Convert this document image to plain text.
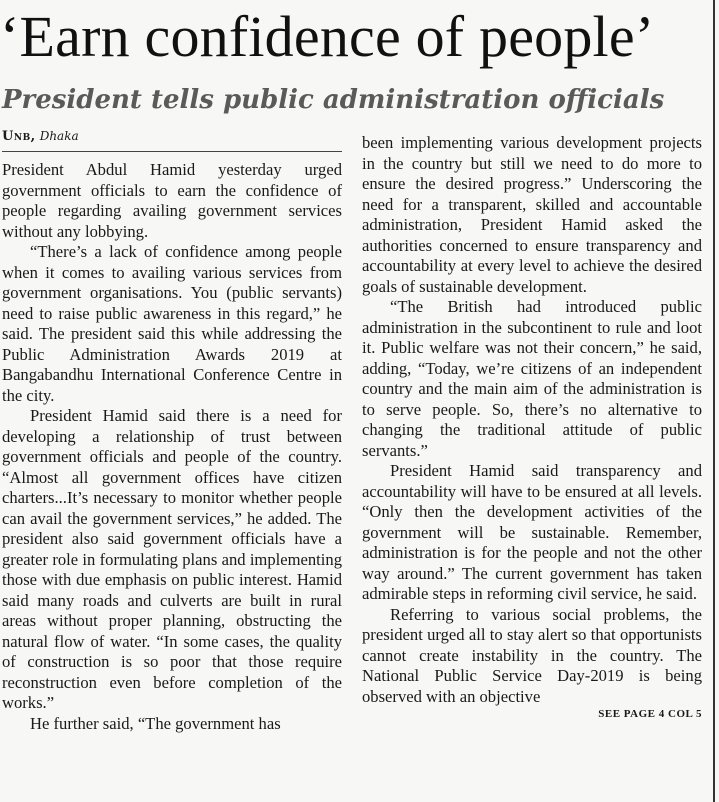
‘Earn confidence of people’
President tells public administration officials
Unb, Dhaka

President Abdul Hamid yesterday urged government officials to earn the confidence of people regarding availing government services without any lobbying.

“There’s a lack of confidence among people when it comes to availing various services from government organisations. You (public servants) need to raise public awareness in this regard,” he said. The president said this while addressing the Public Administration Awards 2019 at Bangabandhu International Conference Centre in the city.

President Hamid said there is a need for developing a relationship of trust between government officials and people of the country. “Almost all government offices have citizen charters...It’s necessary to monitor whether people can avail the government services,” he added. The president also said government officials have a greater role in formulating plans and implementing those with due emphasis on public interest. Hamid said many roads and culverts are built in rural areas without proper planning, obstructing the natural flow of water. “In some cases, the quality of construction is so poor that those require reconstruction even before completion of the works.”

He further said, “The government has

been implementing various development projects in the country but still we need to do more to ensure the desired progress.” Underscoring the need for a transparent, skilled and accountable administration, President Hamid asked the authorities concerned to ensure transparency and accountability at every level to achieve the desired goals of sustainable development.

“The British had introduced public administration in the subcontinent to rule and loot it. Public welfare was not their concern,” he said, adding, “Today, we’re citizens of an independent country and the main aim of the administration is to serve people. So, there’s no alternative to changing the traditional attitude of public servants.”

President Hamid said transparency and accountability will have to be ensured at all levels. “Only then the development activities of the government will be sustainable. Remember, administration is for the people and not the other way around.” The current government has taken admirable steps in reforming civil service, he said.

Referring to various social problems, the president urged all to stay alert so that opportunists cannot create instability in the country. The National Public Service Day-2019 is being observed with an objective

SEE PAGE 4 COL 5
